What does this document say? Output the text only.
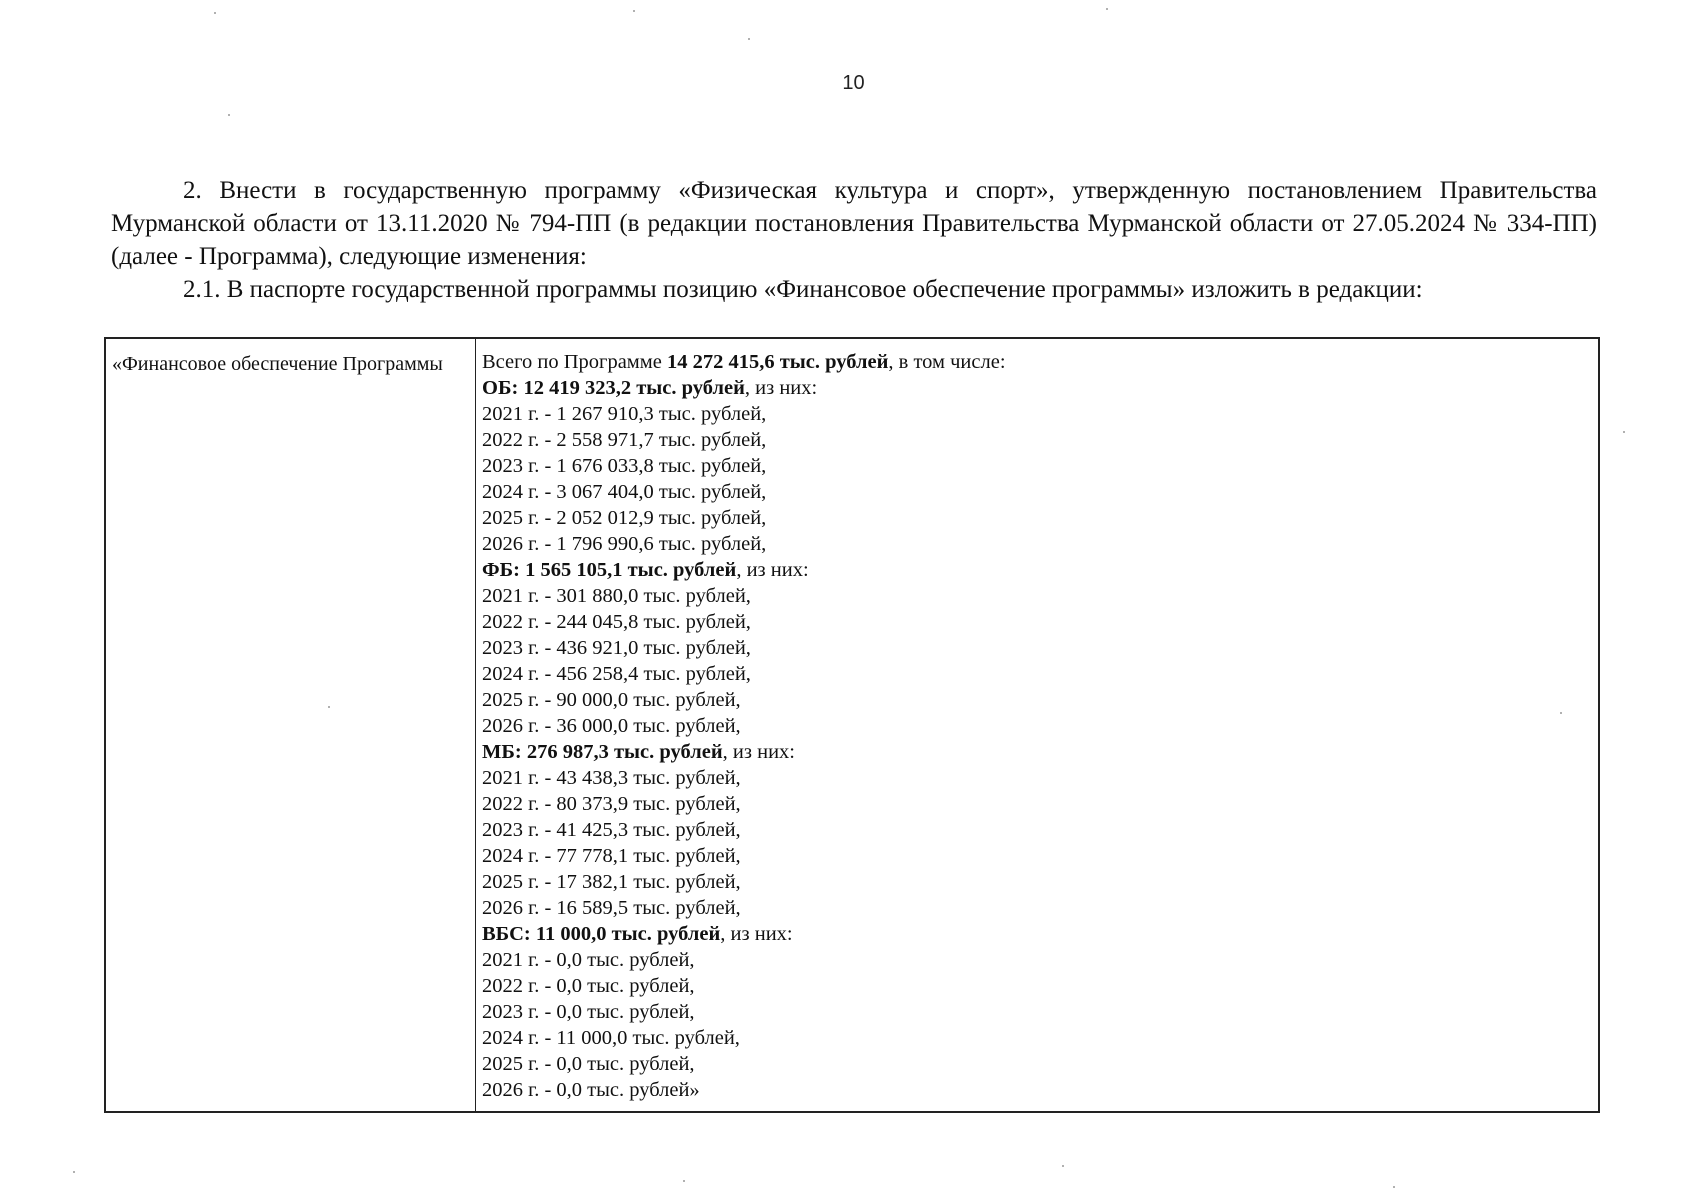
10
2. Внести в государственную программу «Физическая культура и спорт», утвержденную постановлением Правительства Мурманской области от 13.11.2020 № 794-ПП (в редакции постановления Правительства Мурманской области от 27.05.2024 № 334-ПП) (далее - Программа), следующие изменения:
2.1. В паспорте государственной программы позицию «Финансовое обеспечение программы» изложить в редакции:
«Финансовое обеспечение Программы	Всего по Программе 14 272 415,6 тыс. рублей, в том числе:
ОБ: 12 419 323,2 тыс. рублей, из них:
2021 г. - 1 267 910,3 тыс. рублей,
2022 г. - 2 558 971,7 тыс. рублей,
2023 г. - 1 676 033,8 тыс. рублей,
2024 г. - 3 067 404,0 тыс. рублей,
2025 г. - 2 052 012,9 тыс. рублей,
2026 г. - 1 796 990,6 тыс. рублей,
ФБ: 1 565 105,1 тыс. рублей, из них:
2021 г. - 301 880,0 тыс. рублей,
2022 г. - 244 045,8 тыс. рублей,
2023 г. - 436 921,0 тыс. рублей,
2024 г. - 456 258,4 тыс. рублей,
2025 г. - 90 000,0 тыс. рублей,
2026 г. - 36 000,0 тыс. рублей,
МБ: 276 987,3 тыс. рублей, из них:
2021 г. - 43 438,3 тыс. рублей,
2022 г. - 80 373,9 тыс. рублей,
2023 г. - 41 425,3 тыс. рублей,
2024 г. - 77 778,1 тыс. рублей,
2025 г. - 17 382,1 тыс. рублей,
2026 г. - 16 589,5 тыс. рублей,
ВБС: 11 000,0 тыс. рублей, из них:
2021 г. - 0,0 тыс. рублей,
2022 г. - 0,0 тыс. рублей,
2023 г. - 0,0 тыс. рублей,
2024 г. - 11 000,0 тыс. рублей,
2025 г. - 0,0 тыс. рублей,
2026 г. - 0,0 тыс. рублей»
